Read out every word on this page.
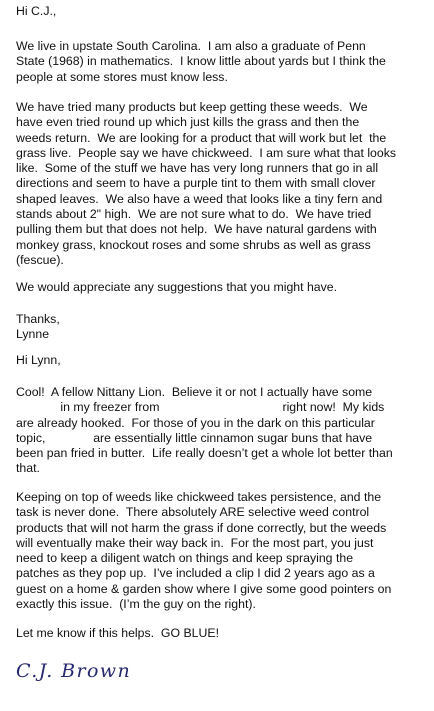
Hi C.J.,

We live in upstate South Carolina.  I am also a graduate of Penn
State (1968) in mathematics.  I know little about yards but I think the
people at some stores must know less.

We have tried many products but keep getting these weeds.  We
have even tried round up which just kills the grass and then the
weeds return.  We are looking for a product that will work but let  the
grass live.  People say we have chickweed.  I am sure what that looks
like.  Some of the stuff we have has very long runners that go in all
directions and seem to have a purple tint to them with small clover
shaped leaves.  We also have a weed that looks like a tiny fern and
stands about 2" high.  We are not sure what to do.  We have tried
pulling them but that does not help.  We have natural gardens with
monkey grass, knockout roses and some shrubs as well as grass
(fescue).

We would appreciate any suggestions that you might have.

Thanks,
Lynne

Hi Lynn,

Cool!  A fellow Nittany Lion.  Believe it or not I actually have some
in my freezer from                                    right now!  My kids
are already hooked.  For those of you in the dark on this particular
topic,              are essentially little cinnamon sugar buns that have
been pan fried in butter.  Life really doesn’t get a whole lot better than
that.

Keeping on top of weeds like chickweed takes persistence, and the
task is never done.  There absolutely ARE selective weed control
products that will not harm the grass if done correctly, but the weeds
will eventually make their way back in.  For the most part, you just
need to keep a diligent watch on things and keep spraying the
patches as they pop up.  I’ve included a clip I did 2 years ago as a
guest on a home & garden show where I give some good pointers on
exactly this issue.  (I’m the guy on the right).

Let me know if this helps.  GO BLUE!

C.J. Brown
